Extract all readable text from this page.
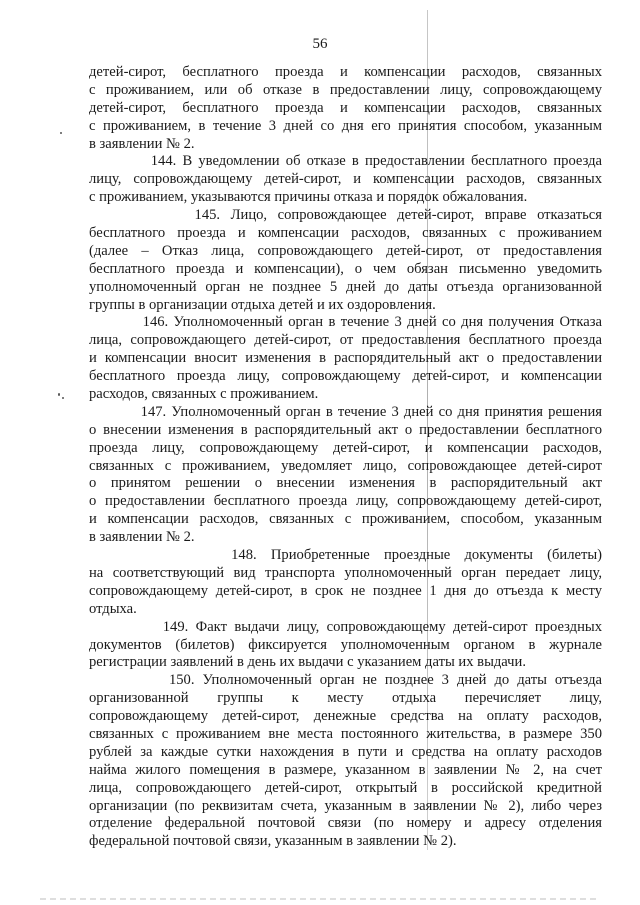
56
детей-сирот, бесплатного проезда и компенсации расходов, связанных
с проживанием, или об отказе в предоставлении лицу, сопровождающему
детей-сирот, бесплатного проезда и компенсации расходов, связанных
с проживанием, в течение 3 дней со дня его принятия способом, указанным
в заявлении № 2.
144. В уведомлении об отказе в предоставлении бесплатного проезда
лицу, сопровождающему детей-сирот, и компенсации расходов, связанных
с проживанием, указываются причины отказа и порядок обжалования.
145. Лицо, сопровождающее детей-сирот, вправе отказаться
бесплатного проезда и компенсации расходов, связанных с проживанием
(далее – Отказ лица, сопровождающего детей-сирот, от предоставления
бесплатного проезда и компенсации), о чем обязан письменно уведомить
уполномоченный орган не позднее 5 дней до даты отъезда организованной
группы в организации отдыха детей и их оздоровления.
146. Уполномоченный орган в течение 3 дней со дня получения Отказа
лица, сопровождающего детей-сирот, от предоставления бесплатного проезда
и компенсации вносит изменения в распорядительный акт о предоставлении
бесплатного проезда лицу, сопровождающему детей-сирот, и компенсации
расходов, связанных с проживанием.
147. Уполномоченный орган в течение 3 дней со дня принятия решения
о внесении изменения в распорядительный акт о предоставлении бесплатного
проезда лицу, сопровождающему детей-сирот, и компенсации расходов,
связанных с проживанием, уведомляет лицо, сопровождающее детей-сирот
о принятом решении о внесении изменения в распорядительный акт
о предоставлении бесплатного проезда лицу, сопровождающему детей-сирот,
и компенсации расходов, связанных с проживанием, способом, указанным
в заявлении № 2.
148. Приобретенные проездные документы (билеты)
на соответствующий вид транспорта уполномоченный орган передает лицу,
сопровождающему детей-сирот, в срок не позднее 1 дня до отъезда к месту
отдыха.
149. Факт выдачи лицу, сопровождающему детей-сирот проездных
документов (билетов) фиксируется уполномоченным органом в журнале
регистрации заявлений в день их выдачи с указанием даты их выдачи.
150. Уполномоченный орган не позднее 3 дней до даты отъезда
организованной группы к месту отдыха перечисляет лицу,
сопровождающему детей-сирот, денежные средства на оплату расходов,
связанных с проживанием вне места постоянного жительства, в размере 350
рублей за каждые сутки нахождения в пути и средства на оплату расходов
найма жилого помещения в размере, указанном в заявлении № 2, на счет
лица, сопровождающего детей-сирот, открытый в российской кредитной
организации (по реквизитам счета, указанным в заявлении № 2), либо через
отделение федеральной почтовой связи (по номеру и адресу отделения
федеральной почтовой связи, указанным в заявлении № 2).
